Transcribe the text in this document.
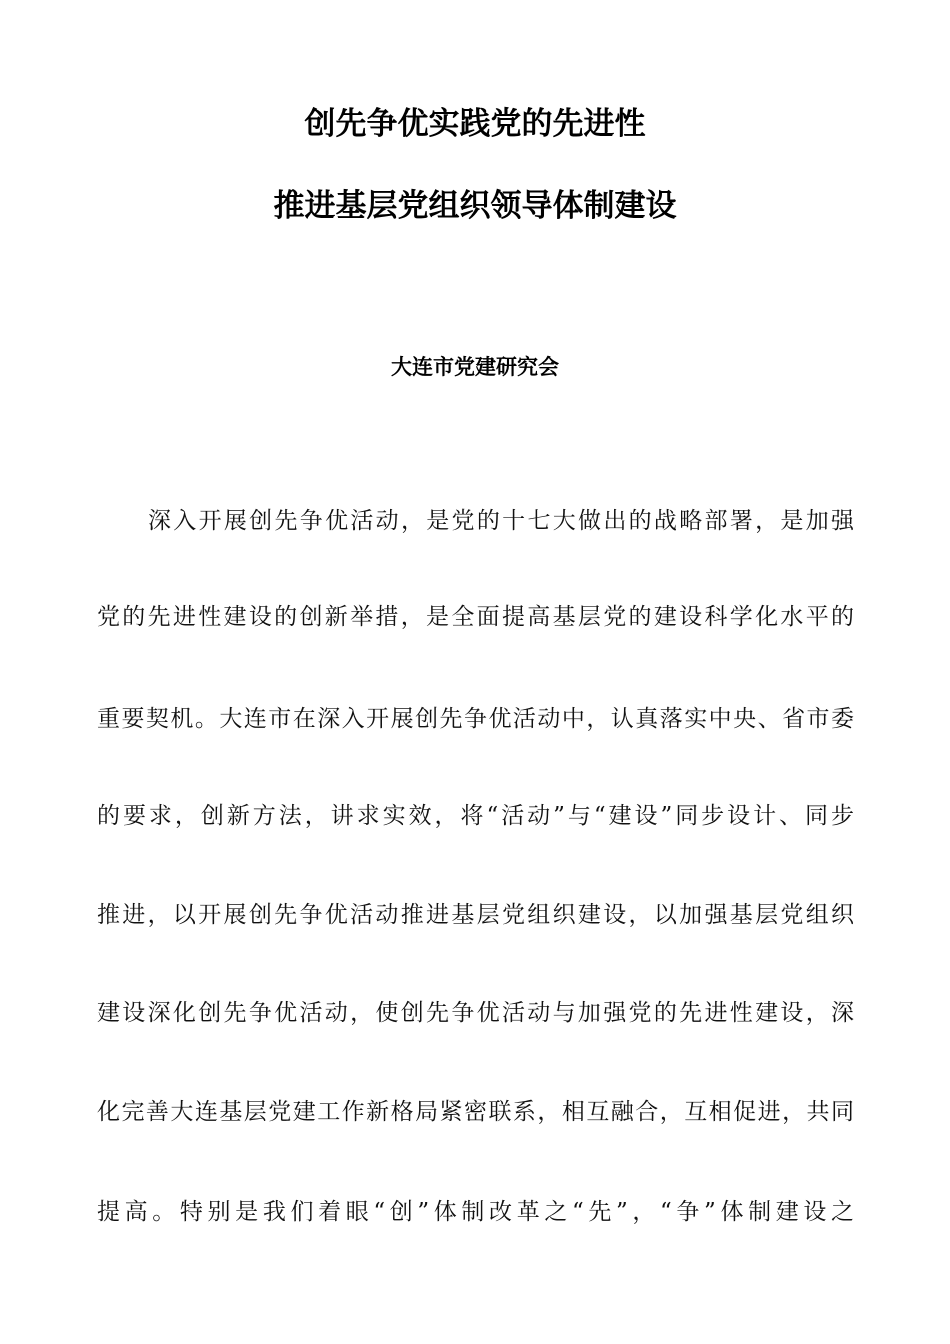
创先争优实践党的先进性
推进基层党组织领导体制建设
大连市党建研究会
深入开展创先争优活动，是党的十七大做出的战略部署，是加强
党的先进性建设的创新举措，是全面提高基层党的建设科学化水平的
重要契机。大连市在深入开展创先争优活动中，认真落实中央、省市委
的要求，创新方法，讲求实效，将“活动”与“建设”同步设计、同步
推进，以开展创先争优活动推进基层党组织建设，以加强基层党组织
建设深化创先争优活动，使创先争优活动与加强党的先进性建设，深
化完善大连基层党建工作新格局紧密联系，相互融合，互相促进，共同
提高。特别是我们着眼“创”体制改革之“先”，“争”体制建设之
